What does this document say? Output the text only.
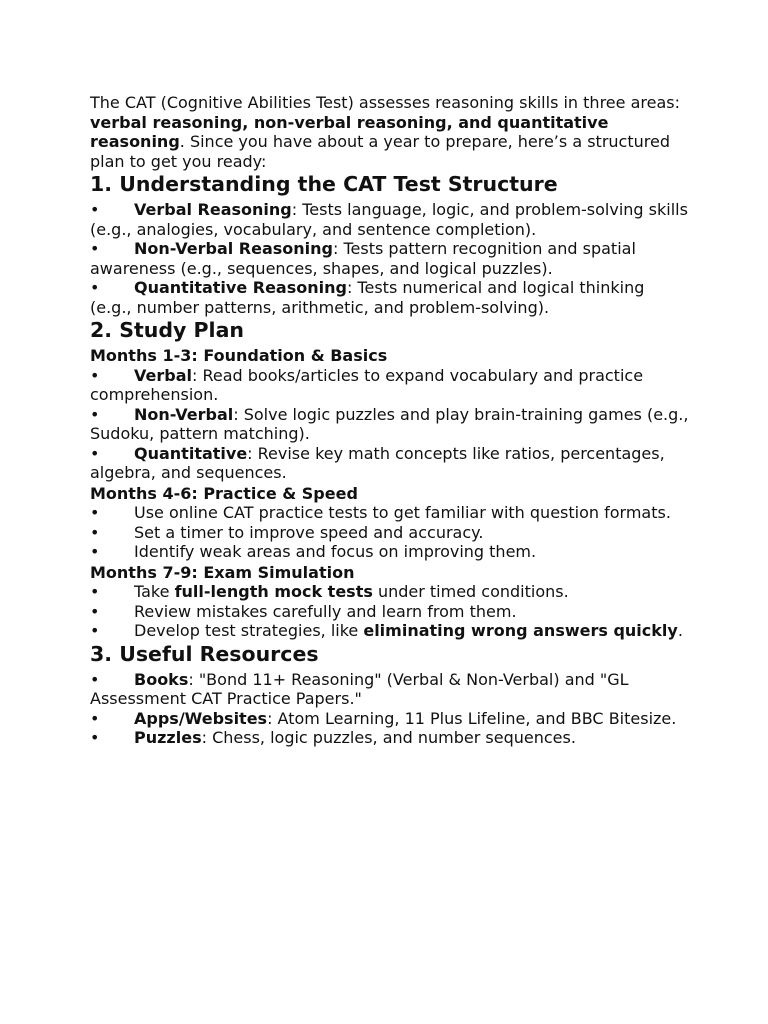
The CAT (Cognitive Abilities Test) assesses reasoning skills in three areas: verbal reasoning, non-verbal reasoning, and quantitative reasoning. Since you have about a year to prepare, here’s a structured plan to get you ready:

1. Understanding the CAT Test Structure

• Verbal Reasoning: Tests language, logic, and problem-solving skills (e.g., analogies, vocabulary, and sentence completion).

• Non-Verbal Reasoning: Tests pattern recognition and spatial awareness (e.g., sequences, shapes, and logical puzzles).

• Quantitative Reasoning: Tests numerical and logical thinking (e.g., number patterns, arithmetic, and problem-solving).

2. Study Plan
Months 1-3: Foundation & Basics

• Verbal: Read books/articles to expand vocabulary and practice comprehension.

• Non-Verbal: Solve logic puzzles and play brain-training games (e.g., Sudoku, pattern matching).

• Quantitative: Revise key math concepts like ratios, percentages, algebra, and sequences.

Months 4-6: Practice & Speed

• Use online CAT practice tests to get familiar with question formats.

• Set a timer to improve speed and accuracy.

• Identify weak areas and focus on improving them.

Months 7-9: Exam Simulation

• Take full-length mock tests under timed conditions.

• Review mistakes carefully and learn from them.

• Develop test strategies, like eliminating wrong answers quickly.

3. Useful Resources

• Books: "Bond 11+ Reasoning" (Verbal & Non-Verbal) and "GL Assessment CAT Practice Papers."

• Apps/Websites: Atom Learning, 11 Plus Lifeline, and BBC Bitesize.

• Puzzles: Chess, logic puzzles, and number sequences.
